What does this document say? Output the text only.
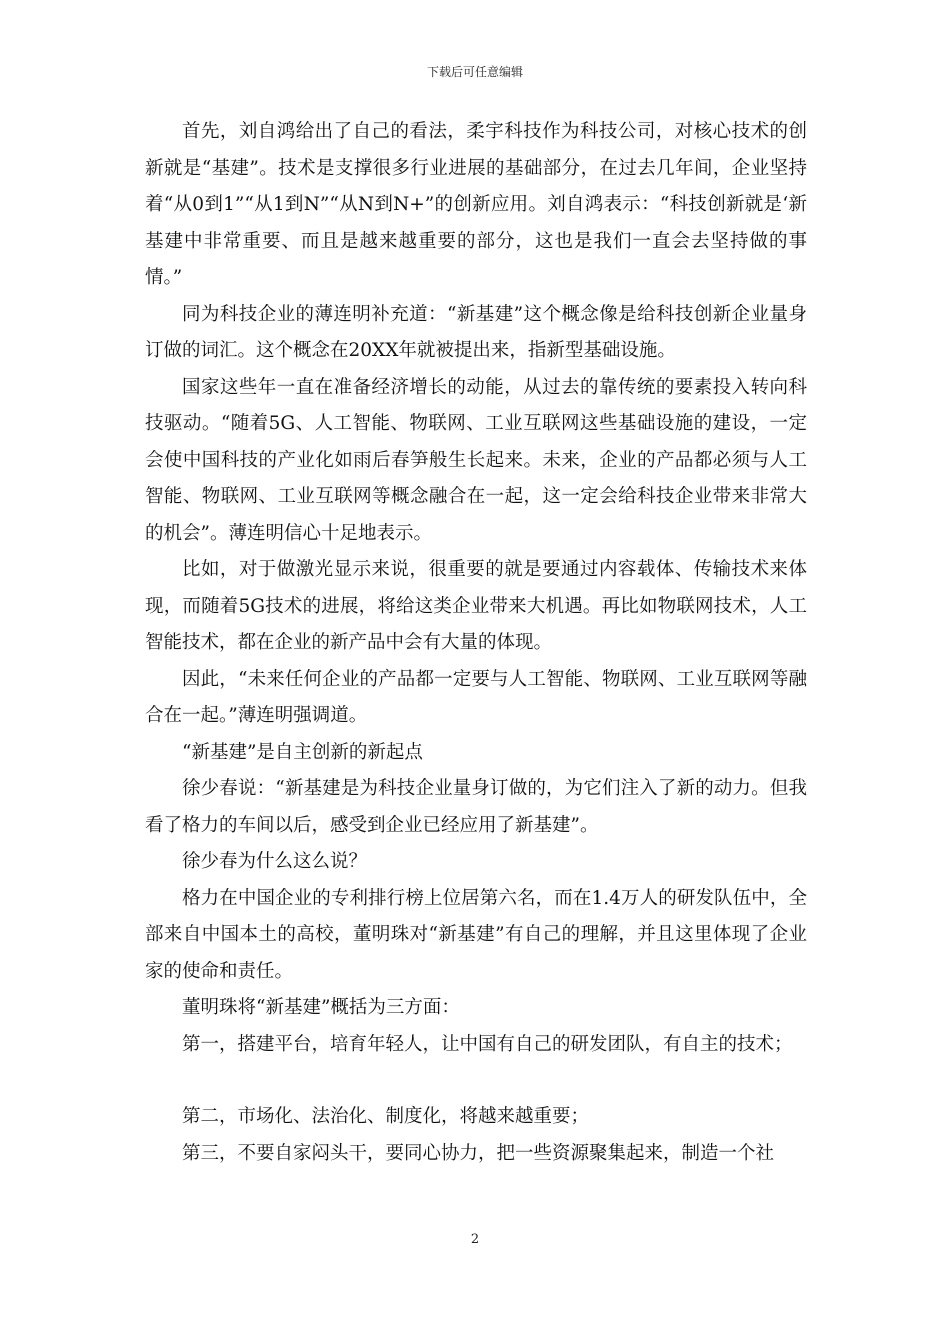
下载后可任意编辑

首先，刘自鸿给出了自己的看法，柔宇科技作为科技公司，对核心技术的创新就是“基建”。技术是支撑很多行业进展的基础部分，在过去几年间，企业坚持着“从0到1”“从1到N”“从N到N+”的创新应用。刘自鸿表示：“科技创新就是‘新基建中非常重要、而且是越来越重要的部分，这也是我们一直会去坚持做的事情。”

同为科技企业的薄连明补充道：“新基建”这个概念像是给科技创新企业量身订做的词汇。这个概念在20XX年就被提出来，指新型基础设施。

国家这些年一直在准备经济增长的动能，从过去的靠传统的要素投入转向科技驱动。“随着5G、人工智能、物联网、工业互联网这些基础设施的建设，一定会使中国科技的产业化如雨后春笋般生长起来。未来，企业的产品都必须与人工智能、物联网、工业互联网等概念融合在一起，这一定会给科技企业带来非常大的机会”。薄连明信心十足地表示。

比如，对于做激光显示来说，很重要的就是要通过内容载体、传输技术来体现，而随着5G技术的进展，将给这类企业带来大机遇。再比如物联网技术，人工智能技术，都在企业的新产品中会有大量的体现。

因此，“未来任何企业的产品都一定要与人工智能、物联网、工业互联网等融合在一起。”薄连明强调道。

“新基建”是自主创新的新起点

徐少春说：“新基建是为科技企业量身订做的，为它们注入了新的动力。但我看了格力的车间以后，感受到企业已经应用了新基建”。

徐少春为什么这么说？

格力在中国企业的专利排行榜上位居第六名，而在1.4万人的研发队伍中，全部来自中国本土的高校，董明珠对“新基建”有自己的理解，并且这里体现了企业家的使命和责任。

董明珠将“新基建”概括为三方面：

第一，搭建平台，培育年轻人，让中国有自己的研发团队，有自主的技术；

第二，市场化、法治化、制度化，将越来越重要；

第三，不要自家闷头干，要同心协力，把一些资源聚集起来，制造一个社

2
